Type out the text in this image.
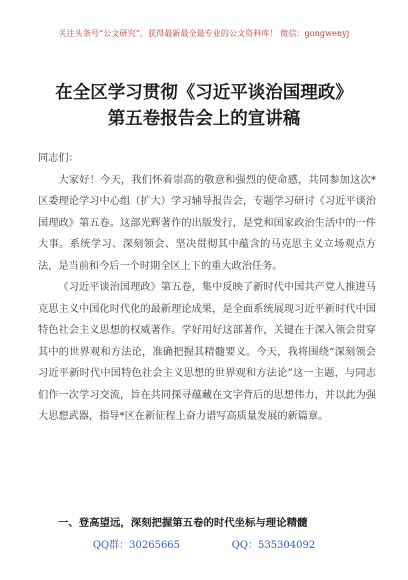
关注头条号“公文研究”，获得最新最全最专业的公文资料库！ 微信：gongwenyj
在全区学习贯彻《习近平谈治国理政》
第五卷报告会上的宣讲稿

同志们：

大家好！今天，我们怀着崇高的敬意和强烈的使命感，共同参加这次*区委理论学习中心组（扩大）学习辅导报告会，专题学习研讨《习近平谈治国理政》第五卷。这部光辉著作的出版发行，是党和国家政治生活中的一件大事。系统学习、深刻领会、坚决贯彻其中蕴含的马克思主义立场观点方法，是当前和今后一个时期全区上下的重大政治任务。

《习近平谈治国理政》第五卷，集中反映了新时代中国共产党人推进马克思主义中国化时代化的最新理论成果，是全面系统展现习近平新时代中国特色社会主义思想的权威著作。学好用好这部著作，关键在于深入领会贯穿其中的世界观和方法论，准确把握其精髓要义。今天，我将围绕“深刻领会习近平新时代中国特色社会主义思想的世界观和方法论”这一主题，与同志们作一次学习交流，旨在共同探寻蕴藏在文字背后的思想伟力，并以此为强大思想武器，指导*区在新征程上奋力谱写高质量发展的新篇章。

一、登高望远，深刻把握第五卷的时代坐标与理论精髓
QQ群：30265665	QQ：535304092
